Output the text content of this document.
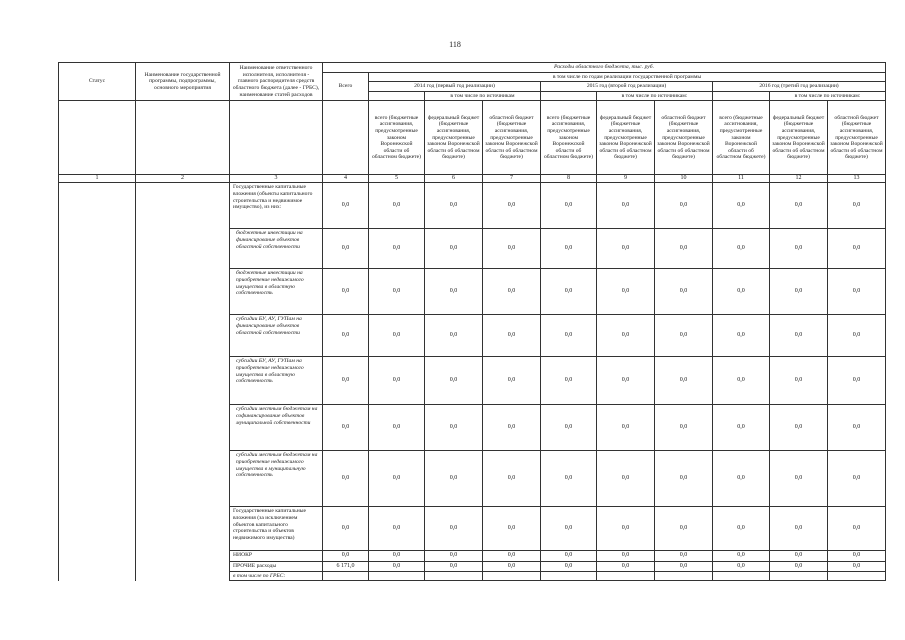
118
Статус	Наименование государственной программы, подпрограммы, основного мероприятия	Наименование ответственного исполнителя, исполнителя - главного распорядителя средств областного бюджета (далее - ГРБС), наименование статей расходов	Расходы областного бюджета, тыс. руб.									
			Всего	в том числе по годам реализации государственной программы								
				2014 год (первый год реализации)			2015 год (второй год реализации)			2016 год (третий год реализации)		
					в том числе по источникам			в том числе по источникам:			в том числе по источникам:	
				всего (бюджетные ассигнования, предусмотренные законом Воронежской области об областном бюджете)	федеральный бюджет (бюджетные ассигнования, предусмотренные законом Воронежской области об областном бюджете)	областной бюджет (бюджетные ассигнования, предусмотренные законом Воронежской области об областном бюджете)	всего (бюджетные ассигнования, предусмотренные законом Воронежской области об областном бюджете)	федеральный бюджет (бюджетные ассигнования, предусмотренные законом Воронежской области об областном бюджете)	областной бюджет (бюджетные ассигнования, предусмотренные законом Воронежской области об областном бюджете)	всего (бюджетные ассигнования, предусмотренные законом Воронежской области об областном бюджете)	федеральный бюджет (бюджетные ассигнования, предусмотренные законом Воронежской области об областном бюджете)	областной бюджет (бюджетные ассигнования, предусмотренные законом Воронежской области об областном бюджете)
1	2	3	4	5	6	7	8	9	10	11	12	13
		Государственные капитальные вложения (объекты капитального строительства и недвижимое имущество), из них:	0,0	0,0	0,0	0,0	0,0	0,0	0,0	0,0	0,0	0,0
		бюджетные инвестиции на финансирование объектов областной собственности	0,0	0,0	0,0	0,0	0,0	0,0	0,0	0,0	0,0	0,0
		бюджетные инвестиции на приобретение недвижимого имущества в областную собственность	0,0	0,0	0,0	0,0	0,0	0,0	0,0	0,0	0,0	0,0
		субсидии БУ, АУ, ГУПам на финансирование объектов областной собственности	0,0	0,0	0,0	0,0	0,0	0,0	0,0	0,0	0,0	0,0
		субсидии БУ, АУ, ГУПам на приобретение недвижимого имущества в областную собственность	0,0	0,0	0,0	0,0	0,0	0,0	0,0	0,0	0,0	0,0
		субсидии местным бюджетам на софинансирование объектов муниципальной собственности	0,0	0,0	0,0	0,0	0,0	0,0	0,0	0,0	0,0	0,0
		субсидии местным бюджетам на приобретение недвижимого имущества в муниципальную собственность	0,0	0,0	0,0	0,0	0,0	0,0	0,0	0,0	0,0	0,0
		Государственные капитальные вложения (за исключением объектов капитального строительства и объектов недвижимого имущества)	0,0	0,0	0,0	0,0	0,0	0,0	0,0	0,0	0,0	0,0
		НИОКР	0,0	0,0	0,0	0,0	0,0	0,0	0,0	0,0	0,0	0,0
		ПРОЧИЕ расходы	6 171,0	0,0	0,0	0,0	0,0	0,0	0,0	0,0	0,0	0,0
		в том числе по ГРБС:										
